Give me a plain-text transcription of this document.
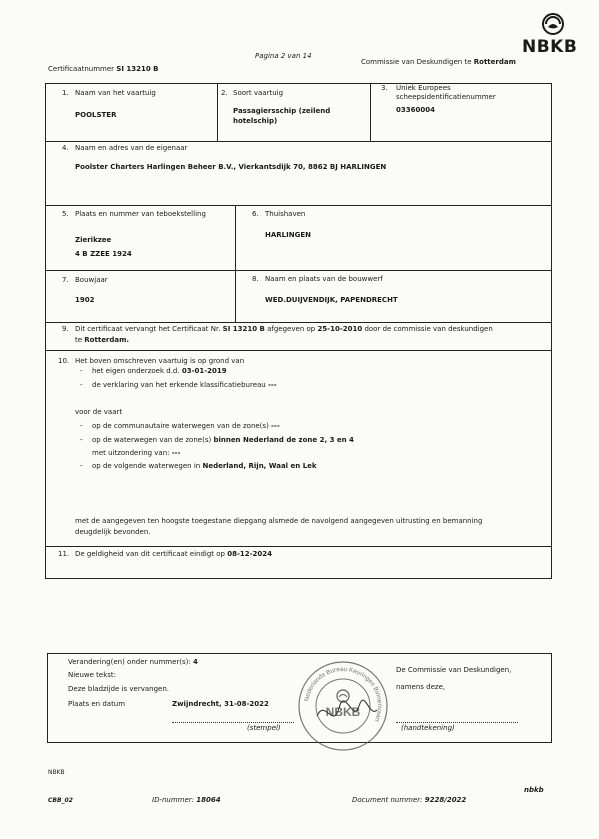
NBKB
Pagina 2 van 14
Certificaatnummer SI 13210 B
Commissie van Deskundigen te Rotterdam
1. Naam van het vaartuig
POOLSTER
2. Soort vaartuig
Passagiersschip (zeilend
hotelschip)
3. Uniek Europees
scheepsidentificatienummer
03360004
4. Naam en adres van de eigenaar
Poolster Charters Harlingen Beheer B.V., Vierkantsdijk 70, 8862 BJ HARLINGEN
5. Plaats en nummer van teboekstelling
Zierikzee
4 B ZZEE 1924
6. Thuishaven
HARLINGEN
7. Bouwjaar
1902
8. Naam en plaats van de bouwwerf
WED.DUIJVENDIJK, PAPENDRECHT
9. Dit certificaat vervangt het Certificaat Nr. SI 13210 B afgegeven op 25-10-2010 door de commissie van deskundigen
te Rotterdam.
10. Het boven omschreven vaartuig is op grond van
- het eigen onderzoek d.d. 03-01-2019
- de verklaring van het erkende klassificatiebureau ---
voor de vaart
- op de communautaire waterwegen van de zone(s) ---
- op de waterwegen van de zone(s) binnen Nederland de zone 2, 3 en 4
met uitzondering van: ---
- op de volgende waterwegen in Nederland, Rijn, Waal en Lek
met de aangegeven ten hoogste toegestane diepgang alsmede de navolgend aangegeven uitrusting en bemanning
deugdelijk bevonden.
11. De geldigheid van dit certificaat eindigt op 08-12-2024
Verandering(en) onder nummer(s): 4
Nieuwe tekst:
Deze bladzijde is vervangen.
Plaats en datum	Zwijndrecht, 31-08-2022
(stempel)
De Commissie van Deskundigen,
namens deze,
(handtekening)
Nederlands Bureau Keuringen Binnenvaart
NBKB
NBKB
CBB_02	ID-nummer: 18064	Document nummer: 9228/2022
nbkb
